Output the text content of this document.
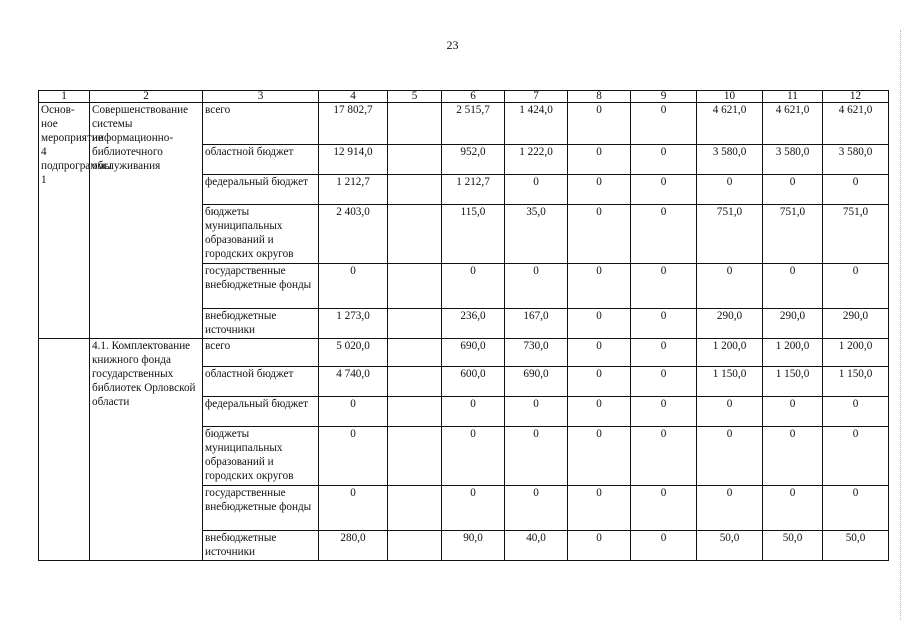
23
1	2	3	4	5	6	7	8	9	10	11	12
Основ-ное мероприятие 4 подпрограммы 1	Совершенствование системы информационно-библиотечного обслуживания	всего	17 802,7		2 515,7	1 424,0	0	0	4 621,0	4 621,0	4 621,0
		областной бюджет	12 914,0		952,0	1 222,0	0	0	3 580,0	3 580,0	3 580,0
		федеральный бюджет	1 212,7		1 212,7	0	0	0	0	0	0
		бюджеты муниципальных образований и городских округов	2 403,0		115,0	35,0	0	0	751,0	751,0	751,0
		государственные внебюджетные фонды	0		0	0	0	0	0	0	0
		внебюджетные источники	1 273,0		236,0	167,0	0	0	290,0	290,0	290,0
	4.1. Комплектование книжного фонда государственных библиотек Орловской области	всего	5 020,0		690,0	730,0	0	0	1 200,0	1 200,0	1 200,0
		областной бюджет	4 740,0		600,0	690,0	0	0	1 150,0	1 150,0	1 150,0
		федеральный бюджет	0		0	0	0	0	0	0	0
		бюджеты муниципальных образований и городских округов	0		0	0	0	0	0	0	0
		государственные внебюджетные фонды	0		0	0	0	0	0	0	0
		внебюджетные источники	280,0		90,0	40,0	0	0	50,0	50,0	50,0
